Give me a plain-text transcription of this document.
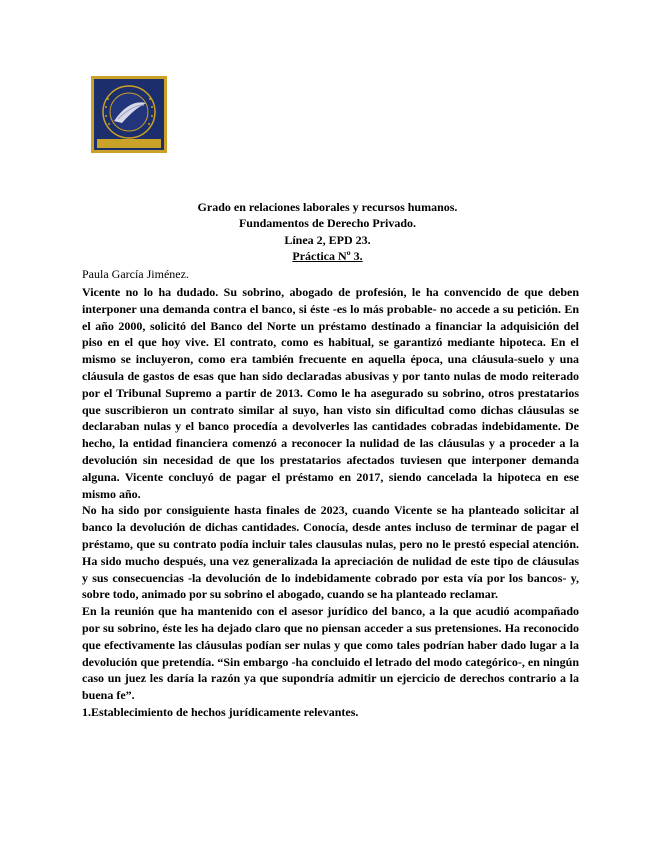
Grado en relaciones laborales y recursos humanos.
Fundamentos de Derecho Privado.
Línea 2, EPD 23.
Práctica Nº 3.
Paula García Jiménez.

Vicente no lo ha dudado. Su sobrino, abogado de profesión, le ha convencido de que deben interponer una demanda contra el banco, si éste -es lo más probable- no accede a su petición. En el año 2000, solicitó del Banco del Norte un préstamo destinado a financiar la adquisición del piso en el que hoy vive. El contrato, como es habitual, se garantizó mediante hipoteca. En el mismo se incluyeron, como era también frecuente en aquella época, una cláusula-suelo y una cláusula de gastos de esas que han sido declaradas abusivas y por tanto nulas de modo reiterado por el Tribunal Supremo a partir de 2013. Como le ha asegurado su sobrino, otros prestatarios que suscribieron un contrato similar al suyo, han visto sin dificultad como dichas cláusulas se declaraban nulas y el banco procedía a devolverles las cantidades cobradas indebidamente. De hecho, la entidad financiera comenzó a reconocer la nulidad de las cláusulas y a proceder a la devolución sin necesidad de que los prestatarios afectados tuviesen que interponer demanda alguna. Vicente concluyó de pagar el préstamo en 2017, siendo cancelada la hipoteca en ese mismo año.

No ha sido por consiguiente hasta finales de 2023, cuando Vicente se ha planteado solicitar al banco la devolución de dichas cantidades. Conocía, desde antes incluso de terminar de pagar el préstamo, que su contrato podía incluir tales clausulas nulas, pero no le prestó especial atención. Ha sido mucho después, una vez generalizada la apreciación de nulidad de este tipo de cláusulas y sus consecuencias -la devolución de lo indebidamente cobrado por esta vía por los bancos- y, sobre todo, animado por su sobrino el abogado, cuando se ha planteado reclamar.

En la reunión que ha mantenido con el asesor jurídico del banco, a la que acudió acompañado por su sobrino, éste les ha dejado claro que no piensan acceder a sus pretensiones. Ha reconocido que efectivamente las cláusulas podían ser nulas y que como tales podrían haber dado lugar a la devolución que pretendía. “Sin embargo -ha concluido el letrado del modo categórico-, en ningún caso un juez les daría la razón ya que supondría admitir un ejercicio de derechos contrario a la buena fe”.

1.Establecimiento de hechos jurídicamente relevantes.
